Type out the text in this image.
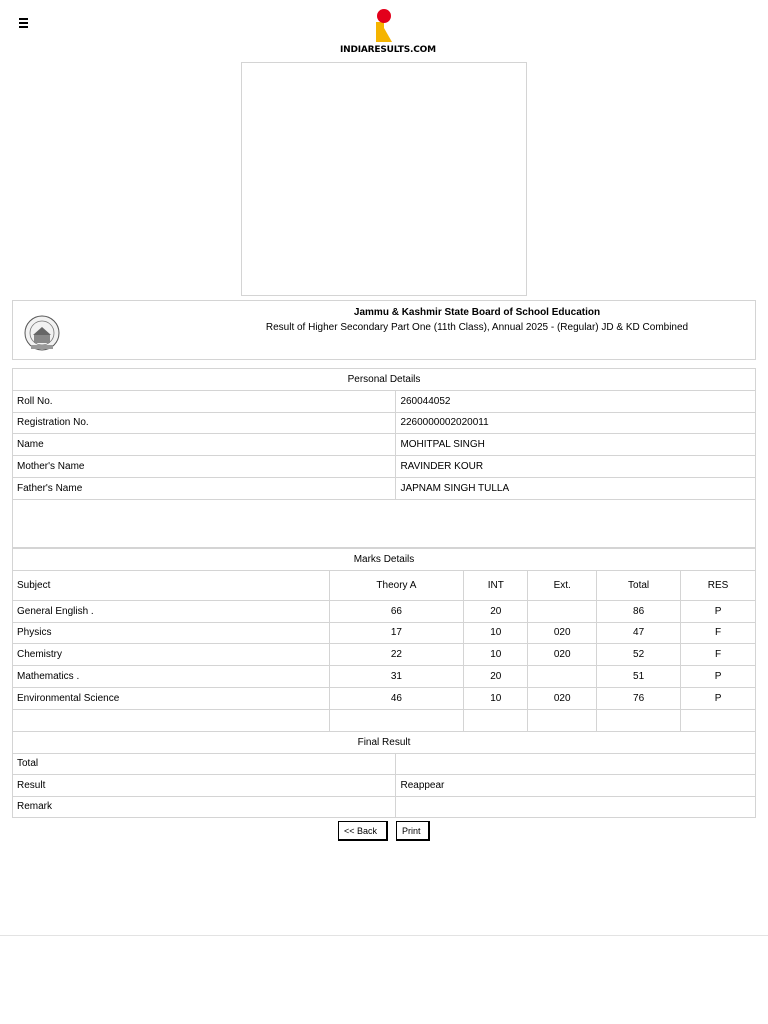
INDIARESULTS.COM
Jammu & Kashmir State Board of School Education
Result of Higher Secondary Part One (11th Class), Annual 2025 - (Regular) JD & KD Combined
Personal Details	
Roll No.	260044052
Registration No.	2260000002020011
Name	MOHITPAL SINGH
Mother's Name	RAVINDER KOUR
Father's Name	JAPNAM SINGH TULLA

Marks Details					
Subject	Theory A	INT	Ext.	Total	RES
General English .	66	20		86	P
Physics	17	10	020	47	F
Chemistry	22	10	020	52	F
Mathematics .	31	20		51	P
Environmental Science	46	10	020	76	P

Final Result	
Total	
Result	Reappear
Remark	
<< Back	Print
